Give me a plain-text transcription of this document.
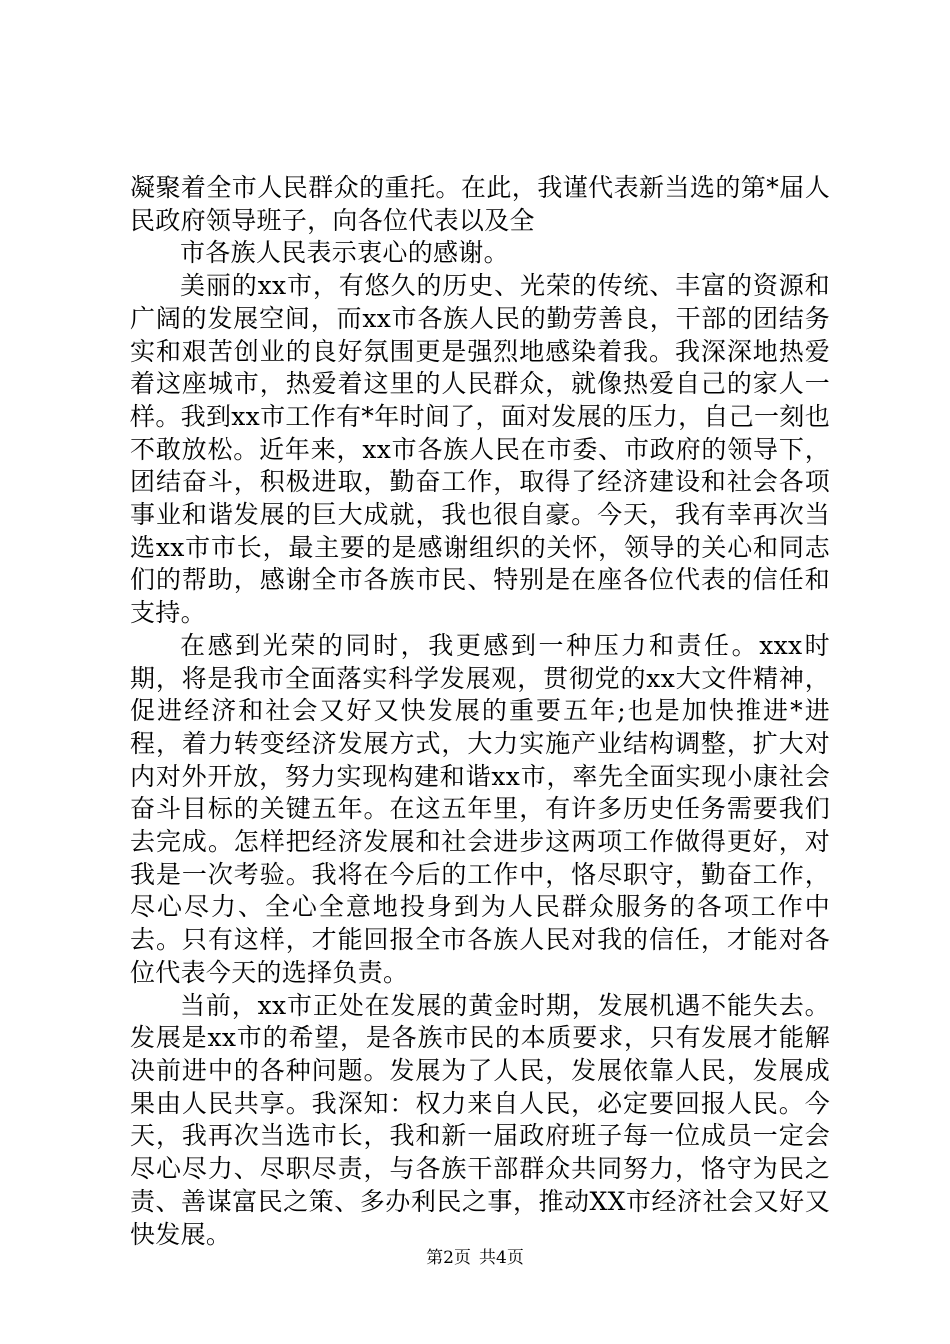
凝聚着全市人民群众的重托。在此，我谨代表新当选的第*届人民政府领导班子，向各位代表以及全

市各族人民表示衷心的感谢。

美丽的xx市，有悠久的历史、光荣的传统、丰富的资源和广阔的发展空间，而xx市各族人民的勤劳善良，干部的团结务实和艰苦创业的良好氛围更是强烈地感染着我。我深深地热爱着这座城市，热爱着这里的人民群众，就像热爱自己的家人一样。我到xx市工作有*年时间了，面对发展的压力，自己一刻也不敢放松。近年来，xx市各族人民在市委、市政府的领导下，团结奋斗，积极进取，勤奋工作，取得了经济建设和社会各项事业和谐发展的巨大成就，我也很自豪。今天，我有幸再次当选xx市市长，最主要的是感谢组织的关怀，领导的关心和同志们的帮助，感谢全市各族市民、特别是在座各位代表的信任和支持。

在感到光荣的同时，我更感到一种压力和责任。xxx时期，将是我市全面落实科学发展观，贯彻党的xx大文件精神，促进经济和社会又好又快发展的重要五年;也是加快推进*进程，着力转变经济发展方式，大力实施产业结构调整，扩大对内对外开放，努力实现构建和谐xx市，率先全面实现小康社会奋斗目标的关键五年。在这五年里，有许多历史任务需要我们去完成。怎样把经济发展和社会进步这两项工作做得更好，对我是一次考验。我将在今后的工作中，恪尽职守，勤奋工作，尽心尽力、全心全意地投身到为人民群众服务的各项工作中去。只有这样，才能回报全市各族人民对我的信任，才能对各位代表今天的选择负责。

当前，xx市正处在发展的黄金时期，发展机遇不能失去。发展是xx市的希望，是各族市民的本质要求，只有发展才能解决前进中的各种问题。发展为了人民，发展依靠人民，发展成果由人民共享。我深知：权力来自人民，必定要回报人民。今天，我再次当选市长，我和新一届政府班子每一位成员一定会尽心尽力、尽职尽责，与各族干部群众共同努力，恪守为民之责、善谋富民之策、多办利民之事，推动XX市经济社会又好又快发展。

第2页 共4页
